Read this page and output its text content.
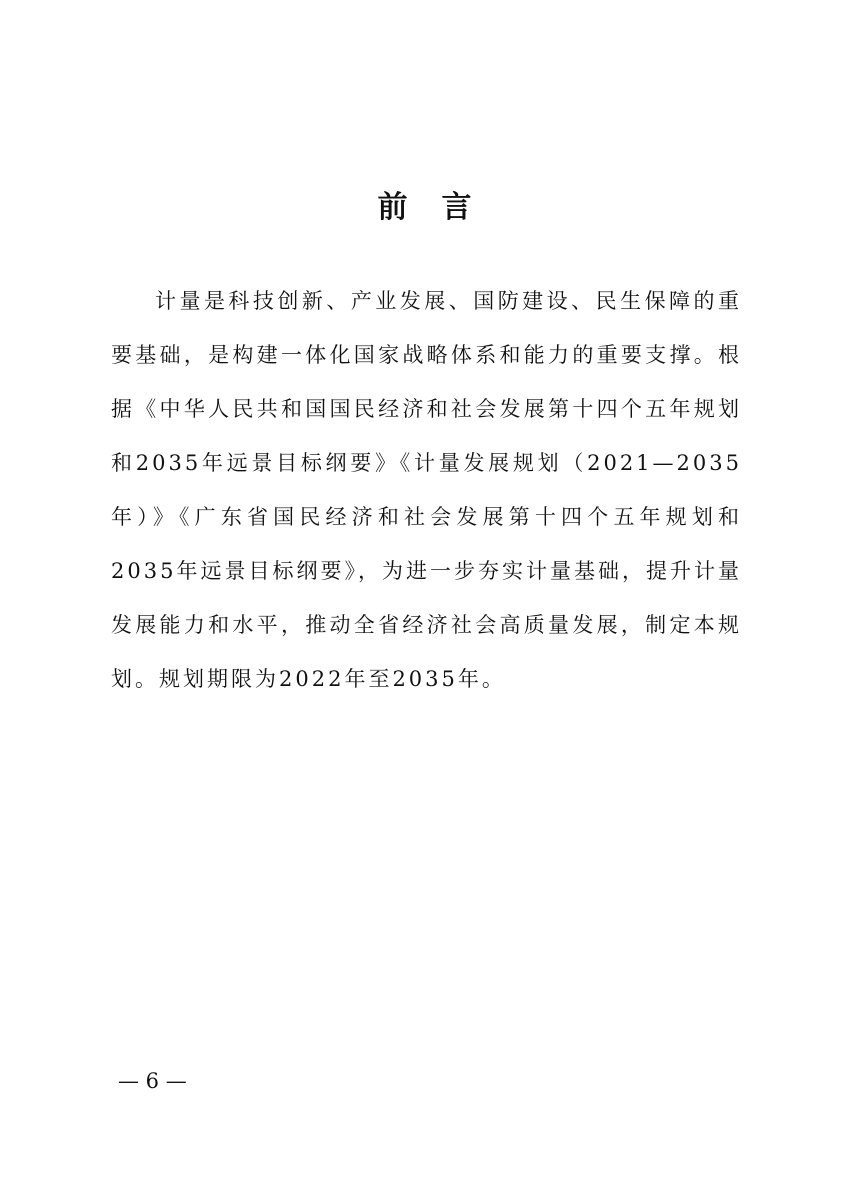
前言

计量是科技创新、产业发展、国防建设、民生保障的重要基础，是构建一体化国家战略体系和能力的重要支撑。根据《中华人民共和国国民经济和社会发展第十四个五年规划和2035年远景目标纲要》《计量发展规划（2021—2035年）》《广东省国民经济和社会发展第十四个五年规划和2035年远景目标纲要》，为进一步夯实计量基础，提升计量发展能力和水平，推动全省经济社会高质量发展，制定本规划。规划期限为2022年至2035年。

— 6 —
